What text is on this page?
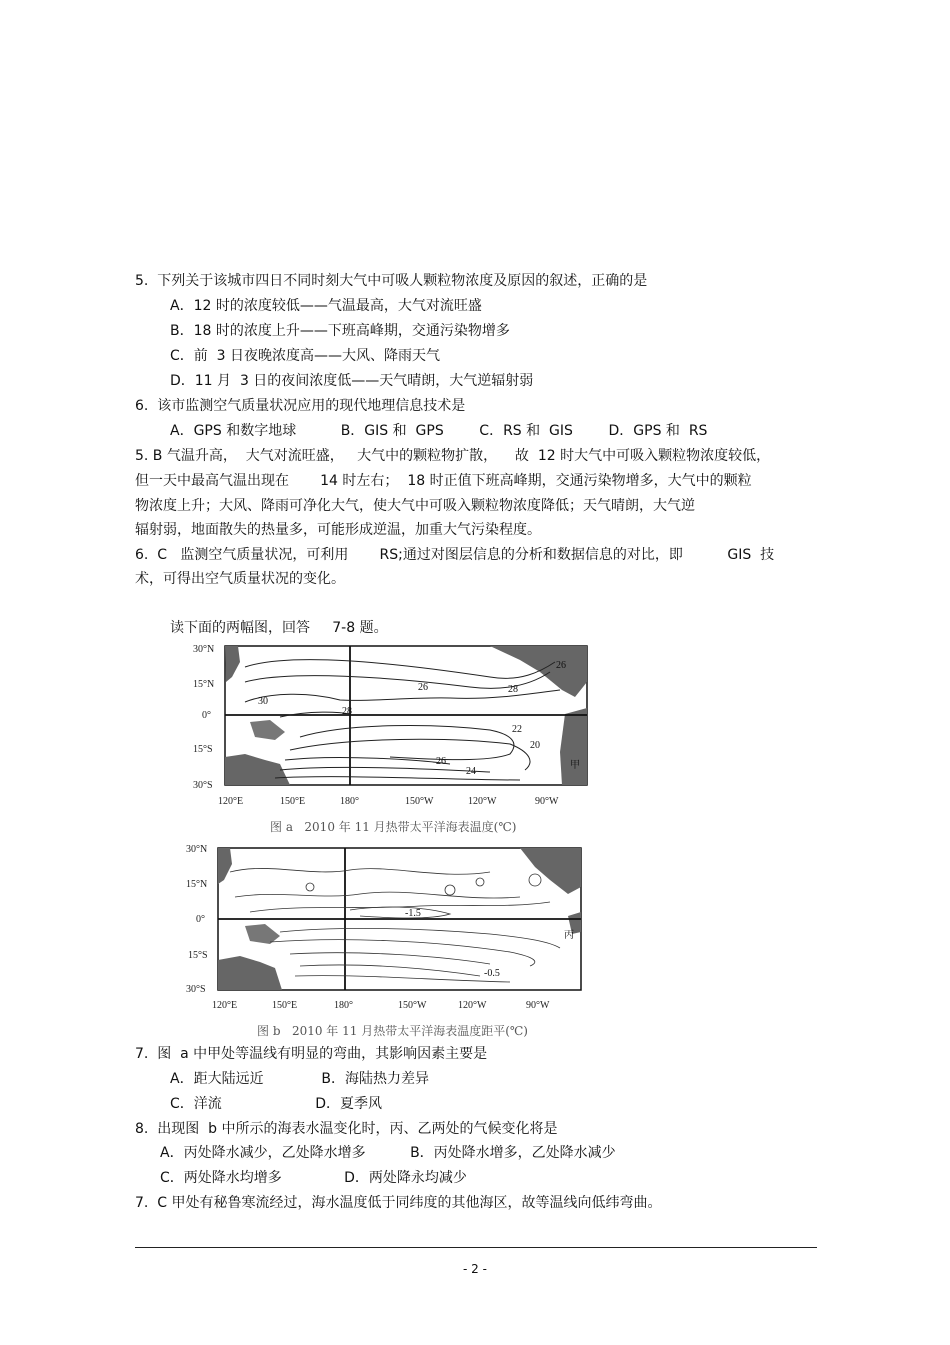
5.  下列关于该城市四日不同时刻大气中可吸人颗粒物浓度及原因的叙述，正确的是
A．12 时的浓度较低——气温最高，大气对流旺盛
B．18 时的浓度上升——下班高峰期，交通污染物增多
C．前  3 日夜晚浓度高——大风、降雨天气
D．11 月  3 日的夜间浓度低——天气晴朗，大气逆辐射弱
6.  该市监测空气质量状况应用的现代地理信息技术是
A．GPS 和数字地球          B．GIS 和  GPS        C．RS 和  GIS        D．GPS 和  RS
5. B 气温升高，  大气对流旺盛，   大气中的颗粒物扩散，    故  12 时大气中可吸入颗粒物浓度较低，
但一天中最高气温出现在       14 时左右；  18 时正值下班高峰期，交通污染物增多，大气中的颗粒
物浓度上升；大风、降雨可净化大气，使大气中可吸入颗粒物浓度降低；天气晴朗，大气逆
辐射弱，地面散失的热量多，可能形成逆温，加重大气污染程度。
6.  C   监测空气质量状况，可利用       RS;通过对图层信息的分析和数据信息的对比，即          GIS  技
术，可得出空气质量状况的变化。
读下面的两幅图，回答     7-8 题。
30°N
15°N
0°
15°S
30°S
120°E	150°E	180°	150°W	120°W	90°W
30
28
26	28
26
22
20
26
24
甲
图 a   2010 年 11 月热带太平洋海表温度(℃)
30°N
15°N
0°
15°S
30°S
120°E	150°E	180°	150°W	120°W	90°W
-1.5
-0.5
丙
图 b   2010 年 11 月热带太平洋海表温度距平(℃)
7.  图  a 中甲处等温线有明显的弯曲，其影响因素主要是
A．距大陆远近             B．海陆热力差异
C．洋流                     D．夏季风
8.  出现图  b 中所示的海表水温变化时，丙、乙两处的气候变化将是
A．丙处降水减少，乙处降水增多          B．丙处降水增多，乙处降水减少
C．两处降水均增多              D．两处降永均减少
7.  C 甲处有秘鲁寒流经过，海水温度低于同纬度的其他海区，故等温线向低纬弯曲。
- 2 -
